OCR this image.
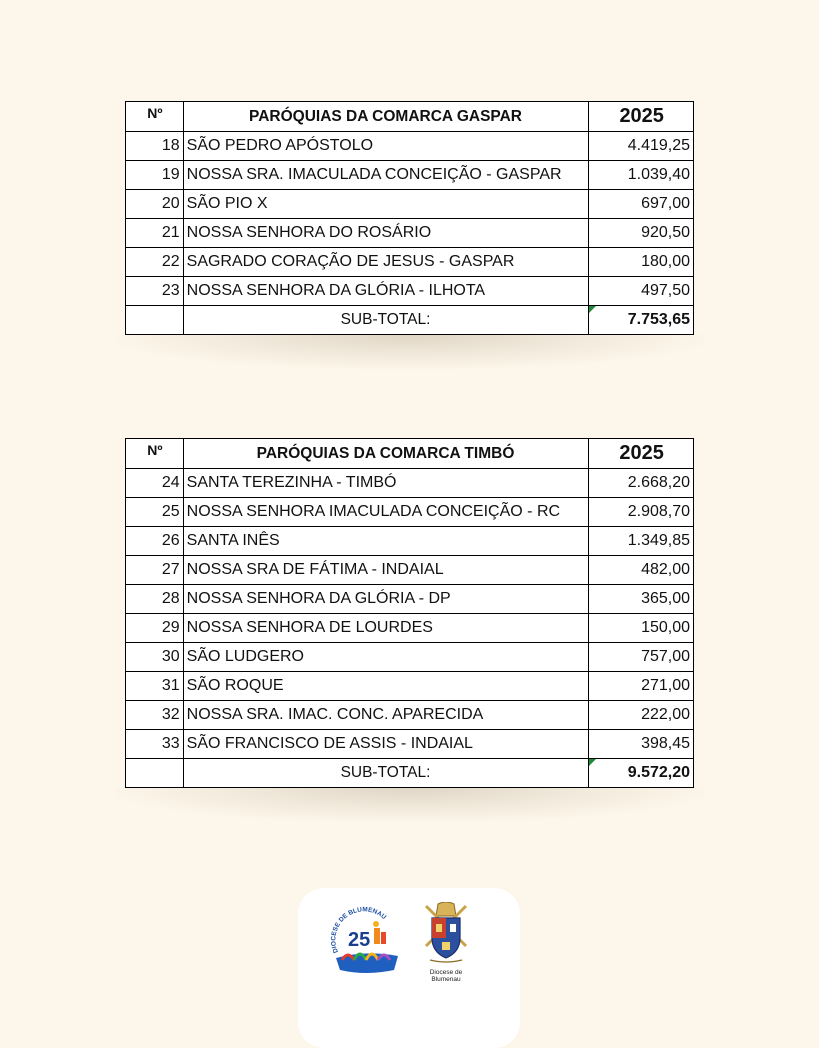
Nº	PARÓQUIAS DA COMARCA GASPAR	2025
18	SÃO PEDRO APÓSTOLO	4.419,25
19	NOSSA SRA. IMACULADA CONCEIÇÃO - GASPAR	1.039,40
20	SÃO PIO X	697,00
21	NOSSA SENHORA DO ROSÁRIO	920,50
22	SAGRADO CORAÇÃO DE JESUS - GASPAR	180,00
23	NOSSA SENHORA DA GLÓRIA - ILHOTA	497,50
	SUB-TOTAL:	7.753,65
Nº	PARÓQUIAS DA COMARCA TIMBÓ	2025
24	SANTA TEREZINHA - TIMBÓ	2.668,20
25	NOSSA SENHORA IMACULADA CONCEIÇÃO - RC	2.908,70
26	SANTA INÊS	1.349,85
27	NOSSA SRA DE FÁTIMA - INDAIAL	482,00
28	NOSSA SENHORA DA GLÓRIA - DP	365,00
29	NOSSA SENHORA DE LOURDES	150,00
30	SÃO LUDGERO	757,00
31	SÃO ROQUE	271,00
32	NOSSA SRA. IMAC. CONC. APARECIDA	222,00
33	SÃO FRANCISCO DE ASSIS - INDAIAL	398,45
	SUB-TOTAL:	9.572,20
DIOCESE DE BLUMENAU
25
Diocese de
Blumenau
